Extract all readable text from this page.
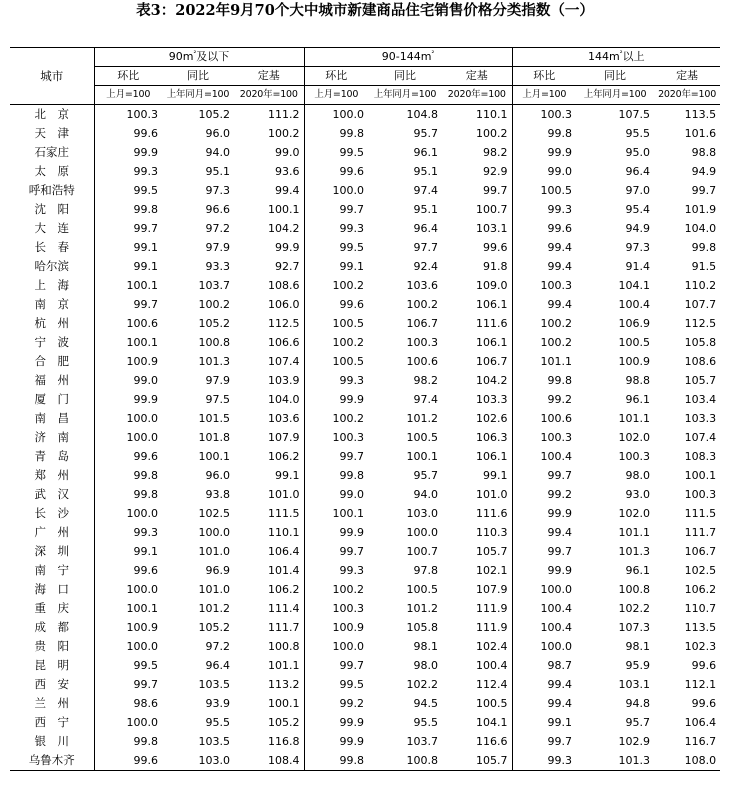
表3：2022年9月70个大中城市新建商品住宅销售价格分类指数（一）
城市	$90m^{^2}$及以下			$90-144m^{^2}$			$144m^{^2}$以上		
	环比	同比	定基	环比	同比	定基	环比	同比	定基
	上月=100	上年同月=100	2020年=100	上月=100	上年同月=100	2020年=100	上月=100	上年同月=100	2020年=100
北　京	100.3	105.2	111.2	100.0	104.8	110.1	100.3	107.5	113.5
天　津	99.6	96.0	100.2	99.8	95.7	100.2	99.8	95.5	101.6
石家庄	99.9	94.0	99.0	99.5	96.1	98.2	99.9	95.0	98.8
太　原	99.3	95.1	93.6	99.6	95.1	92.9	99.0	96.4	94.9
呼和浩特	99.5	97.3	99.4	100.0	97.4	99.7	100.5	97.0	99.7
沈　阳	99.8	96.6	100.1	99.7	95.1	100.7	99.3	95.4	101.9
大　连	99.7	97.2	104.2	99.3	96.4	103.1	99.6	94.9	104.0
长　春	99.1	97.9	99.9	99.5	97.7	99.6	99.4	97.3	99.8
哈尔滨	99.1	93.3	92.7	99.1	92.4	91.8	99.4	91.4	91.5
上　海	100.1	103.7	108.6	100.2	103.6	109.0	100.3	104.1	110.2
南　京	99.7	100.2	106.0	99.6	100.2	106.1	99.4	100.4	107.7
杭　州	100.6	105.2	112.5	100.5	106.7	111.6	100.2	106.9	112.5
宁　波	100.1	100.8	106.6	100.2	100.3	106.1	100.2	100.5	105.8
合　肥	100.9	101.3	107.4	100.5	100.6	106.7	101.1	100.9	108.6
福　州	99.0	97.9	103.9	99.3	98.2	104.2	99.8	98.8	105.7
厦　门	99.9	97.5	104.0	99.9	97.4	103.3	99.2	96.1	103.4
南　昌	100.0	101.5	103.6	100.2	101.2	102.6	100.6	101.1	103.3
济　南	100.0	101.8	107.9	100.3	100.5	106.3	100.3	102.0	107.4
青　岛	99.6	100.1	106.2	99.7	100.1	106.1	100.4	100.3	108.3
郑　州	99.8	96.0	99.1	99.8	95.7	99.1	99.7	98.0	100.1
武　汉	99.8	93.8	101.0	99.0	94.0	101.0	99.2	93.0	100.3
长　沙	100.0	102.5	111.5	100.1	103.0	111.6	99.9	102.0	111.5
广　州	99.3	100.0	110.1	99.9	100.0	110.3	99.4	101.1	111.7
深　圳	99.1	101.0	106.4	99.7	100.7	105.7	99.7	101.3	106.7
南　宁	99.6	96.9	101.4	99.3	97.8	102.1	99.9	96.1	102.5
海　口	100.0	101.0	106.2	100.2	100.5	107.9	100.0	100.8	106.2
重　庆	100.1	101.2	111.4	100.3	101.2	111.9	100.4	102.2	110.7
成　都	100.9	105.2	111.7	100.9	105.8	111.9	100.4	107.3	113.5
贵　阳	100.0	97.2	100.8	100.0	98.1	102.4	100.0	98.1	102.3
昆　明	99.5	96.4	101.1	99.7	98.0	100.4	98.7	95.9	99.6
西　安	99.7	103.5	113.2	99.5	102.2	112.4	99.4	103.1	112.1
兰　州	98.6	93.9	100.1	99.2	94.5	100.5	99.4	94.8	99.6
西　宁	100.0	95.5	105.2	99.9	95.5	104.1	99.1	95.7	106.4
银　川	99.8	103.5	116.8	99.9	103.7	116.6	99.7	102.9	116.7
乌鲁木齐	99.6	103.0	108.4	99.8	100.8	105.7	99.3	101.3	108.0
